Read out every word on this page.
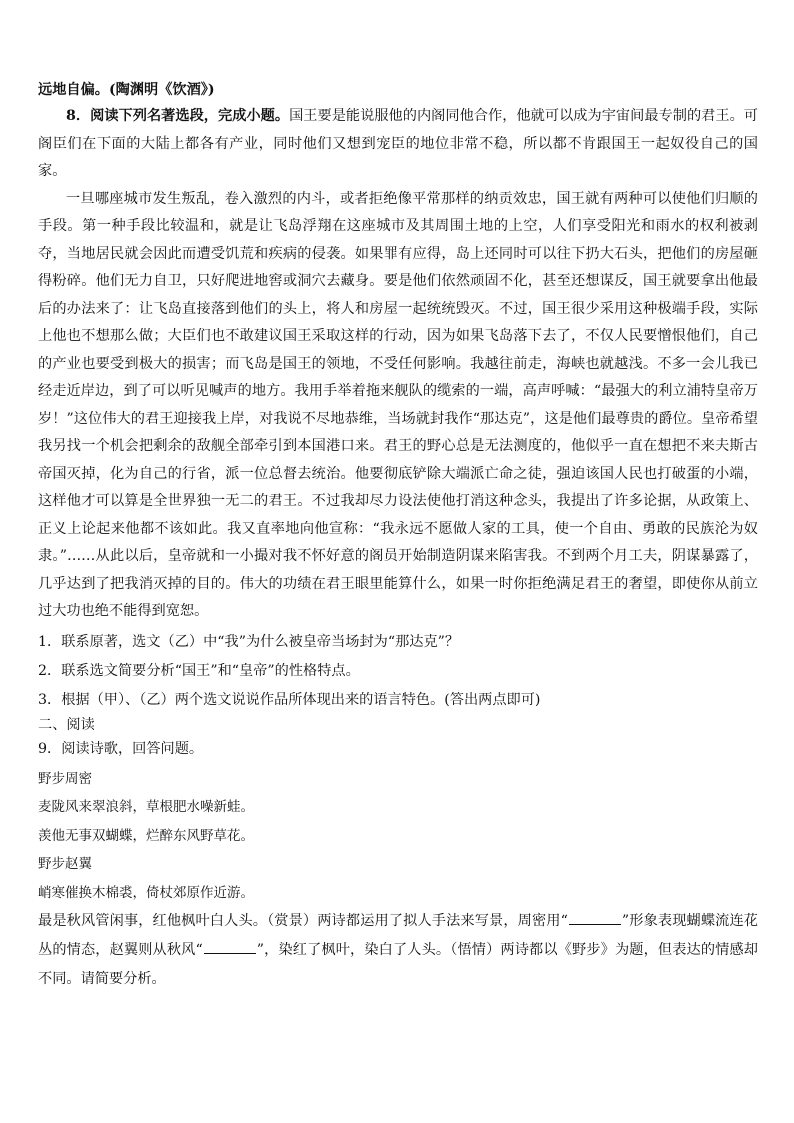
远地自偏。(陶渊明《饮酒》)

8．阅读下列名著选段，完成小题。国王要是能说服他的内阁同他合作，他就可以成为宇宙间最专制的君王。可阁臣们在下面的大陆上都各有产业，同时他们又想到宠臣的地位非常不稳，所以都不肯跟国王一起奴役自己的国家。

一旦哪座城市发生叛乱，卷入激烈的内斗，或者拒绝像平常那样的纳贡效忠，国王就有两种可以使他们归顺的手段。第一种手段比较温和，就是让飞岛浮翔在这座城市及其周围土地的上空，人们享受阳光和雨水的权利被剥夺，当地居民就会因此而遭受饥荒和疾病的侵袭。如果罪有应得，岛上还同时可以往下扔大石头，把他们的房屋砸得粉碎。他们无力自卫，只好爬进地窖或洞穴去藏身。要是他们依然顽固不化，甚至还想谋反，国王就要拿出他最后的办法来了：让飞岛直接落到他们的头上，将人和房屋一起统统毁灭。不过，国王很少采用这种极端手段，实际上他也不想那么做；大臣们也不敢建议国王采取这样的行动，因为如果飞岛落下去了，不仅人民要憎恨他们，自己的产业也要受到极大的损害；而飞岛是国王的领地，不受任何影响。我越往前走，海峡也就越浅。不多一会儿我已经走近岸边，到了可以听见喊声的地方。我用手举着拖来舰队的缆索的一端，高声呼喊：“最强大的利立浦特皇帝万岁！”这位伟大的君王迎接我上岸，对我说不尽地恭维，当场就封我作“那达克”，这是他们最尊贵的爵位。皇帝希望我另找一个机会把剩余的敌舰全部牵引到本国港口来。君王的野心总是无法测度的，他似乎一直在想把不来夫斯古帝国灭掉，化为自己的行省，派一位总督去统治。他要彻底铲除大端派亡命之徒，强迫该国人民也打破蛋的小端，这样他才可以算是全世界独一无二的君王。不过我却尽力设法使他打消这种念头，我提出了许多论据，从政策上、正义上论起来他都不该如此。我又直率地向他宣称：“我永远不愿做人家的工具，使一个自由、勇敢的民族沦为奴隶。”……从此以后，皇帝就和一小撮对我不怀好意的阁员开始制造阴谋来陷害我。不到两个月工夫，阴谋暴露了，几乎达到了把我消灭掉的目的。伟大的功绩在君王眼里能算什么，如果一时你拒绝满足君王的奢望，即使你从前立过大功也绝不能得到宽恕。

1．联系原著，选文（乙）中“我”为什么被皇帝当场封为“那达克”？

2．联系选文简要分析“国王”和“皇帝”的性格特点。

3．根据（甲）、（乙）两个选文说说作品所体现出来的语言特色。(答出两点即可)

二、阅读

9．阅读诗歌，回答问题。

野步周密

麦陇风来翠浪斜，草根肥水噪新蛙。

羡他无事双蝴蝶，烂醉东风野草花。

野步赵翼

峭寒催换木棉裘，倚杖郊原作近游。

最是秋风管闲事，红他枫叶白人头。（赏景）两诗都运用了拟人手法来写景，周密用“	”形象表现蝴蝶流连花丛的情态，赵翼则从秋风“	”，染红了枫叶，染白了人头。（悟情）两诗都以《野步》为题，但表达的情感却不同。请简要分析。
